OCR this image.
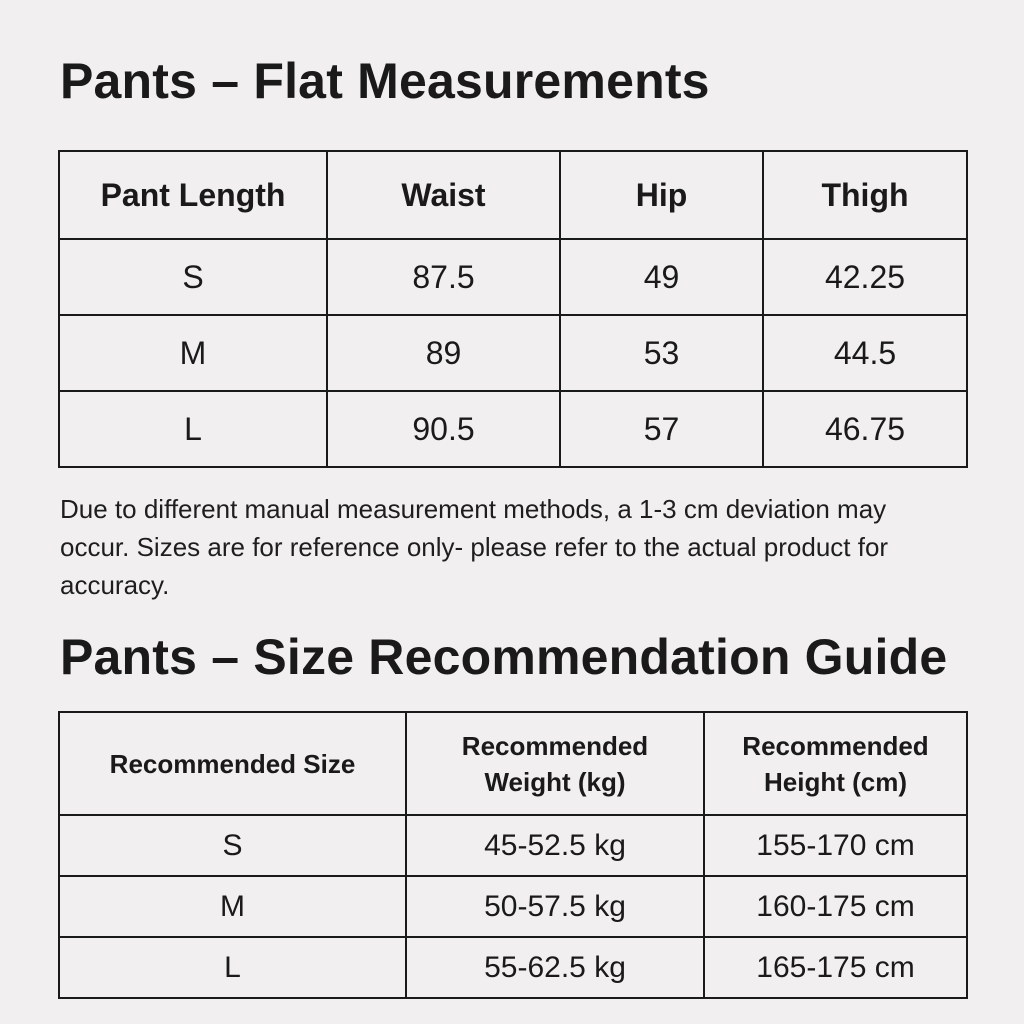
Pants – Flat Measurements
Pant Length	Waist	Hip	Thigh
S	87.5	49	42.25
M	89	53	44.5
L	90.5	57	46.75

Due to different manual measurement methods, a 1-3 cm deviation may occur. Sizes are for reference only- please refer to the actual product for accuracy.

Pants – Size Recommendation Guide
Recommended Size	Recommended Weight (kg)	Recommended Height (cm)
S	45-52.5 kg	155-170 cm
M	50-57.5 kg	160-175 cm
L	55-62.5 kg	165-175 cm
